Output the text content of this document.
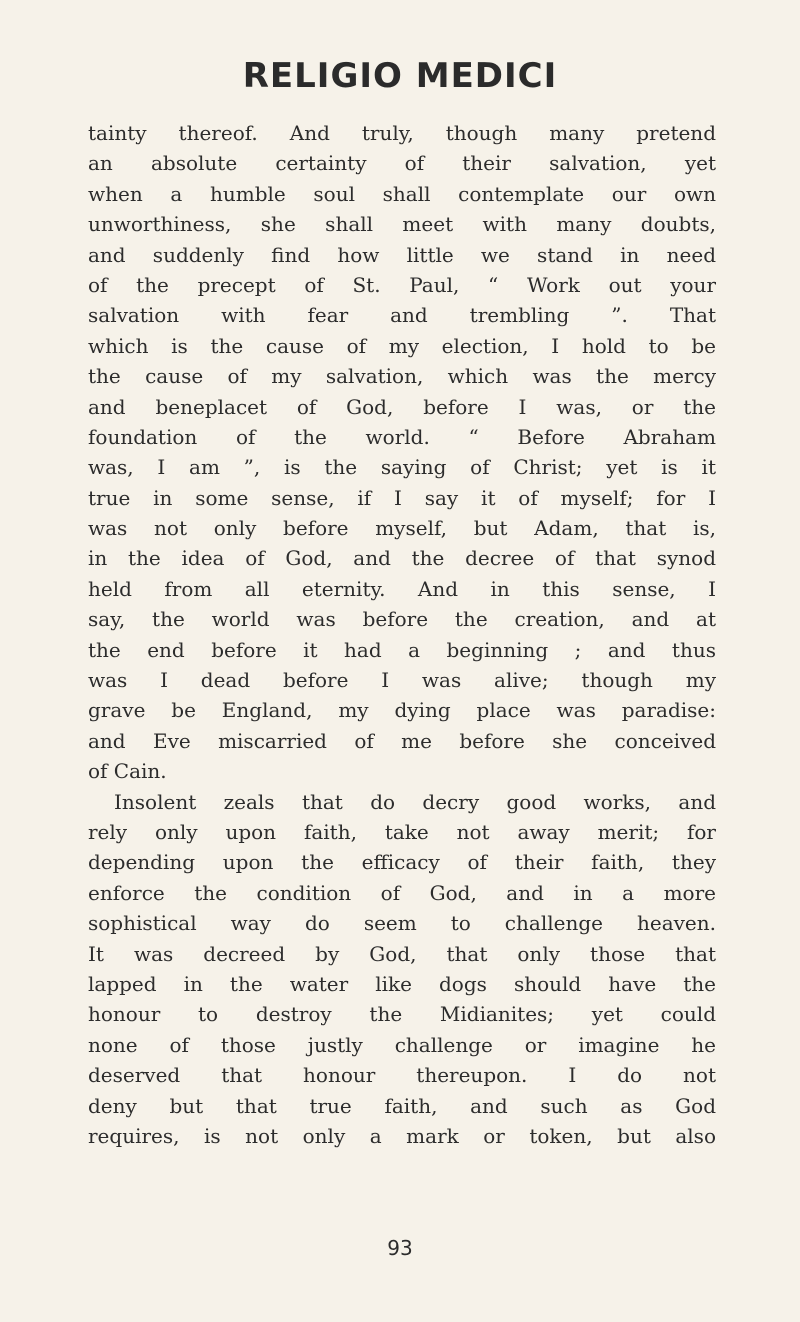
RELIGIO MEDICI
tainty thereof. And truly, though many pretend
an absolute certainty of their salvation, yet
when a humble soul shall contemplate our own
unworthiness, she shall meet with many doubts,
and suddenly find how little we stand in need
of the precept of St. Paul, “ Work out your
salvation with fear and trembling ”. That
which is the cause of my election, I hold to be
the cause of my salvation, which was the mercy
and beneplacet of God, before I was, or the
foundation of the world. “ Before Abraham
was, I am ”, is the saying of Christ; yet is it
true in some sense, if I say it of myself; for I
was not only before myself, but Adam, that is,
in the idea of God, and the decree of that synod
held from all eternity. And in this sense, I
say, the world was before the creation, and at
the end before it had a beginning ; and thus
was I dead before I was alive; though my
grave be England, my dying place was paradise:
and Eve miscarried of me before she conceived
of Cain.
Insolent zeals that do decry good works, and
rely only upon faith, take not away merit; for
depending upon the efficacy of their faith, they
enforce the condition of God, and in a more
sophistical way do seem to challenge heaven.
It was decreed by God, that only those that
lapped in the water like dogs should have the
honour to destroy the Midianites; yet could
none of those justly challenge or imagine he
deserved that honour thereupon. I do not
deny but that true faith, and such as God
requires, is not only a mark or token, but also
93
